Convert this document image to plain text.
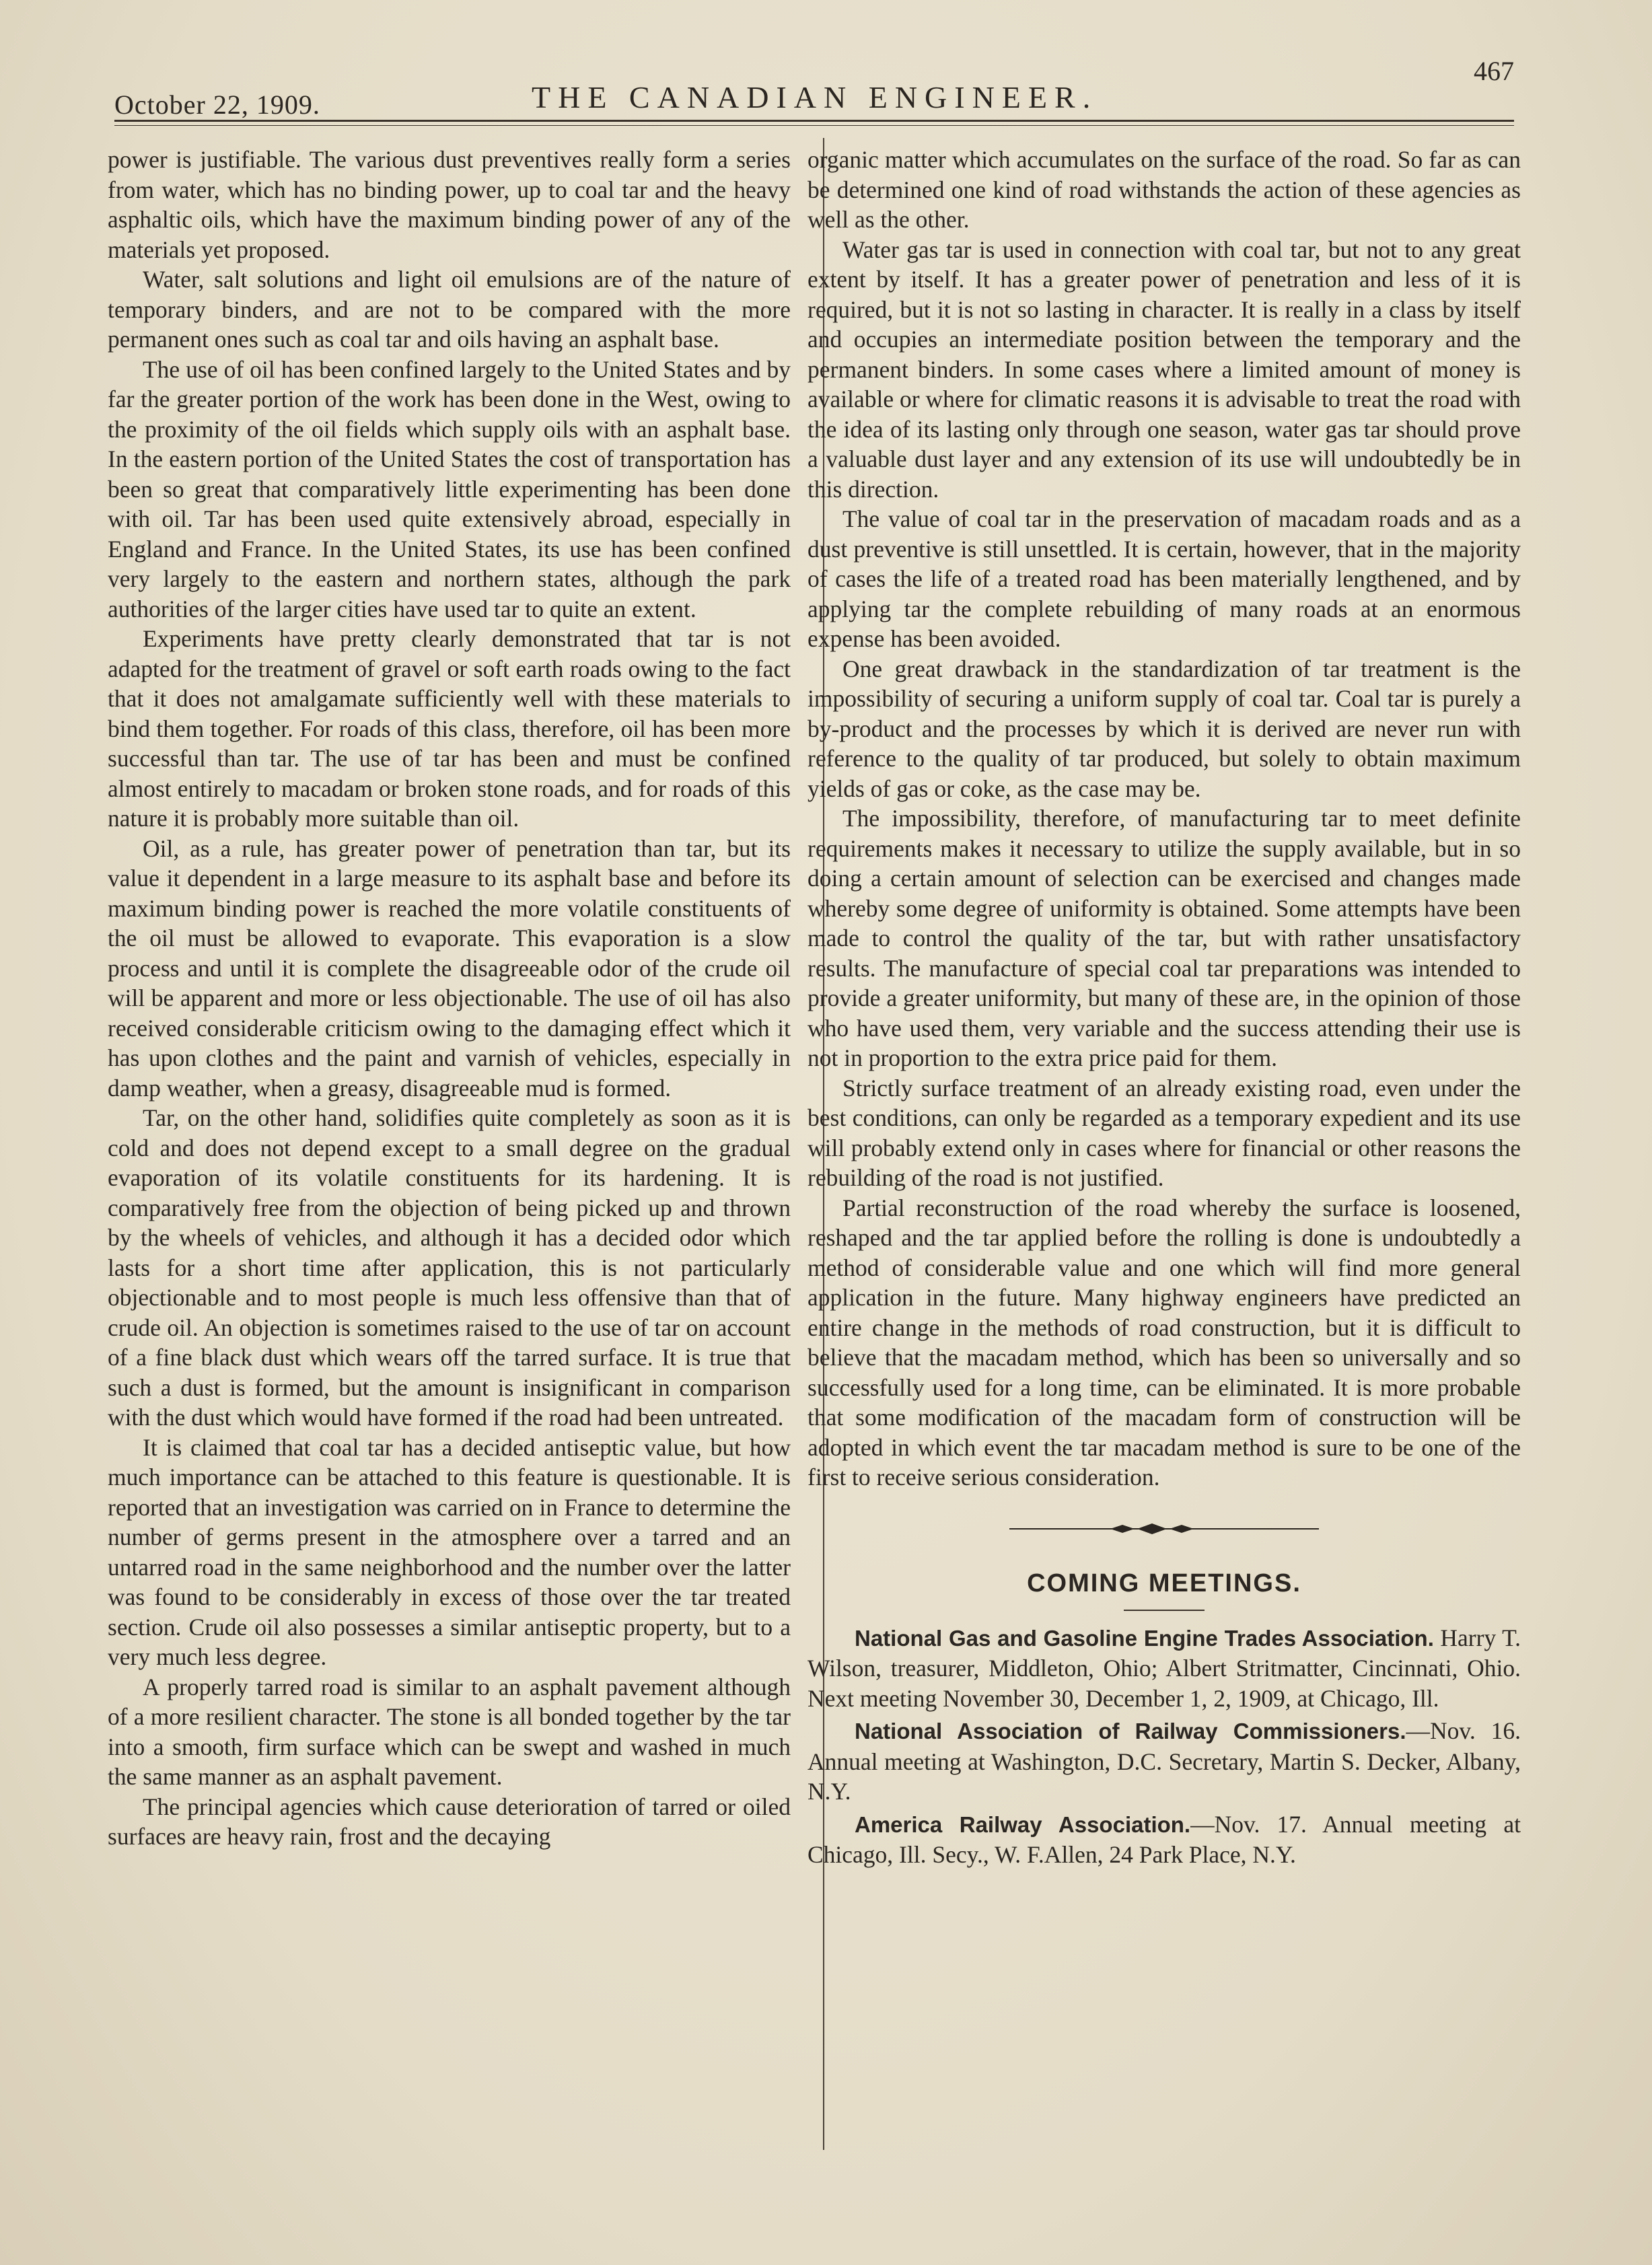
October 22, 1909.	THE CANADIAN ENGINEER.
467

power is justifiable. The various dust preventives really form a series from water, which has no binding power, up to coal tar and the heavy asphaltic oils, which have the maximum binding power of any of the materials yet proposed.

Water, salt solutions and light oil emulsions are of the nature of temporary binders, and are not to be compared with the more permanent ones such as coal tar and oils having an asphalt base.

The use of oil has been confined largely to the United States and by far the greater portion of the work has been done in the West, owing to the proximity of the oil fields which supply oils with an asphalt base. In the eastern portion of the United States the cost of transportation has been so great that comparatively little experimenting has been done with oil. Tar has been used quite extensively abroad, especially in England and France. In the United States, its use has been confined very largely to the eastern and northern states, although the park authorities of the larger cities have used tar to quite an extent.

Experiments have pretty clearly demonstrated that tar is not adapted for the treatment of gravel or soft earth roads owing to the fact that it does not amalgamate sufficiently well with these materials to bind them together. For roads of this class, therefore, oil has been more successful than tar. The use of tar has been and must be confined almost entirely to macadam or broken stone roads, and for roads of this nature it is probably more suitable than oil.

Oil, as a rule, has greater power of penetration than tar, but its value it dependent in a large measure to its asphalt base and before its maximum binding power is reached the more volatile constituents of the oil must be allowed to evaporate. This evaporation is a slow process and until it is complete the disagreeable odor of the crude oil will be apparent and more or less objectionable. The use of oil has also received considerable criticism owing to the damaging effect which it has upon clothes and the paint and varnish of vehicles, especially in damp weather, when a greasy, disagreeable mud is formed.

Tar, on the other hand, solidifies quite completely as soon as it is cold and does not depend except to a small degree on the gradual evaporation of its volatile constituents for its hardening. It is comparatively free from the objection of being picked up and thrown by the wheels of vehicles, and although it has a decided odor which lasts for a short time after application, this is not particularly objectionable and to most people is much less offensive than that of crude oil. An objection is sometimes raised to the use of tar on account of a fine black dust which wears off the tarred surface. It is true that such a dust is formed, but the amount is insignificant in comparison with the dust which would have formed if the road had been untreated.

It is claimed that coal tar has a decided antiseptic value, but how much importance can be attached to this feature is questionable. It is reported that an investigation was carried on in France to determine the number of germs present in the atmosphere over a tarred and an untarred road in the same neighborhood and the number over the latter was found to be considerably in excess of those over the tar treated section. Crude oil also possesses a similar antiseptic property, but to a very much less degree.

A properly tarred road is similar to an asphalt pavement although of a more resilient character. The stone is all bonded together by the tar into a smooth, firm surface which can be swept and washed in much the same manner as an asphalt pavement.

The principal agencies which cause deterioration of tarred or oiled surfaces are heavy rain, frost and the decaying

organic matter which accumulates on the surface of the road. So far as can be determined one kind of road withstands the action of these agencies as well as the other.

Water gas tar is used in connection with coal tar, but not to any great extent by itself. It has a greater power of penetration and less of it is required, but it is not so lasting in character. It is really in a class by itself and occupies an intermediate position between the temporary and the permanent binders. In some cases where a limited amount of money is available or where for climatic reasons it is advisable to treat the road with the idea of its lasting only through one season, water gas tar should prove a valuable dust layer and any extension of its use will undoubtedly be in this direction.

The value of coal tar in the preservation of macadam roads and as a dust preventive is still unsettled. It is certain, however, that in the majority of cases the life of a treated road has been materially lengthened, and by applying tar the complete rebuilding of many roads at an enormous expense has been avoided.

One great drawback in the standardization of tar treatment is the impossibility of securing a uniform supply of coal tar. Coal tar is purely a by-product and the processes by which it is derived are never run with reference to the quality of tar produced, but solely to obtain maximum yields of gas or coke, as the case may be.

The impossibility, therefore, of manufacturing tar to meet definite requirements makes it necessary to utilize the supply available, but in so doing a certain amount of selection can be exercised and changes made whereby some degree of uniformity is obtained. Some attempts have been made to control the quality of the tar, but with rather unsatisfactory results. The manufacture of special coal tar preparations was intended to provide a greater uniformity, but many of these are, in the opinion of those who have used them, very variable and the success attending their use is not in proportion to the extra price paid for them.

Strictly surface treatment of an already existing road, even under the best conditions, can only be regarded as a temporary expedient and its use will probably extend only in cases where for financial or other reasons the rebuilding of the road is not justified.

Partial reconstruction of the road whereby the surface is loosened, reshaped and the tar applied before the rolling is done is undoubtedly a method of considerable value and one which will find more general application in the future. Many highway engineers have predicted an entire change in the methods of road construction, but it is difficult to believe that the macadam method, which has been so universally and so successfully used for a long time, can be eliminated. It is more probable that some modification of the macadam form of construction will be adopted in which event the tar macadam method is sure to be one of the first to receive serious consideration.

COMING MEETINGS.

National Gas and Gasoline Engine Trades Association. Harry T. Wilson, treasurer, Middleton, Ohio; Albert Stritmatter, Cincinnati, Ohio. Next meeting November 30, December 1, 2, 1909, at Chicago, Ill.

National Association of Railway Commissioners.—Nov. 16. Annual meeting at Washington, D.C. Secretary, Martin S. Decker, Albany, N.Y.

America Railway Association.—Nov. 17. Annual meeting at Chicago, Ill. Secy., W. F.Allen, 24 Park Place, N.Y.
